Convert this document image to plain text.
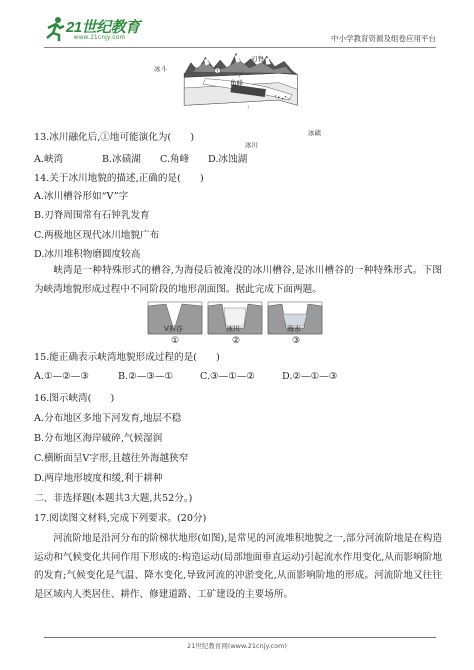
21世纪教育
www.21cnjy.com	中小学教育资源及组卷应用平台
1
刃脊
冰斗
角峰
冰川底部侵蚀
冰碛
冰川
13.冰川融化后,①地可能演化为(　　)
A.峡湾	B.冰碛湖 C.角峰 D.冰蚀湖
14.关于冰川地貌的描述,正确的是(　　)
A.冰川槽谷形如“V”字
B.刃脊周围常有石钟乳发育
C.两极地区现代冰川地貌广布
D.冰川堆积物磨圆度较高
峡湾是一种特殊形式的槽谷,为海侵后被淹没的冰川槽谷,是冰川槽谷的一种特殊形式。下图为峡湾地貌形成过程中不同阶段的地形剖面图。据此完成下面两题。
V形谷	冰川	海水
①	②	③
15.能正确表示峡湾地貌形成过程的是(　　)
A.①—②—③	B.②—③—①	C.③—①—②	D.②—①—③
16.图示峡湾(　　)
A.分布地区多地下河发育,地层不稳
B.分布地区海岸破碎,气候湿润
C.横断面呈V字形,且越往外海越狭窄
D.两岸地形坡度和缓,利于耕种
二、非选择题(本题共3大题,共52分。)
17.阅读图文材料,完成下列要求。(20分)
河流阶地是沿河分布的阶梯状地形(如图),是常见的河流堆积地貌之一,部分河流阶地是在构造运动和气候变化共同作用下形成的:构造运动(局部地面垂直运动)引起流水作用变化,从而影响阶地的发育;气候变化是气温、降水变化,导致河流的冲淤变化,从而影响阶地的形成。河流阶地又往往是区域内人类居住、耕作、修建道路、工矿建设的主要场所。
21世纪教育网(www.21cnjy.com)
